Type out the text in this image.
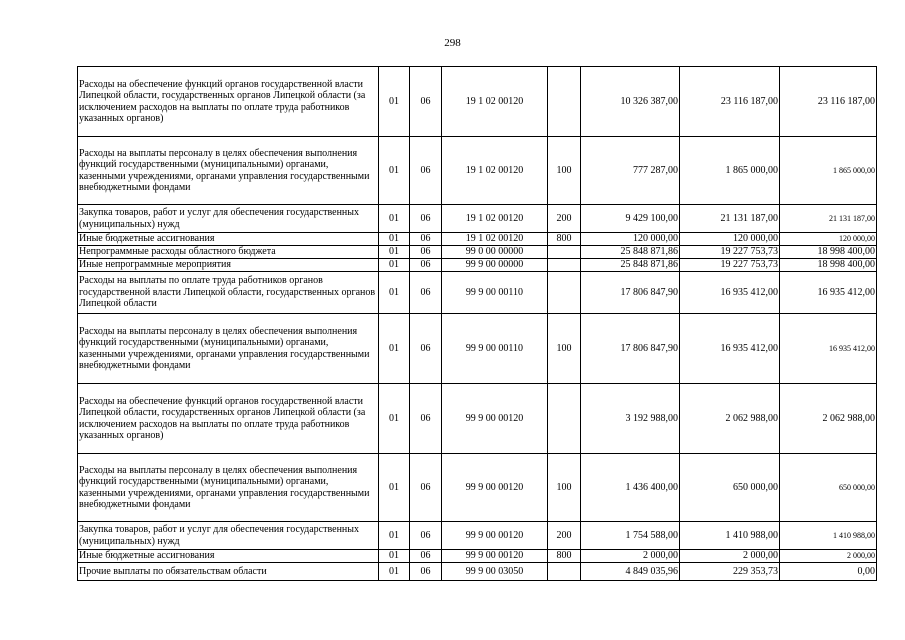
298
Расходы на обеспечение функций органов государственной власти Липецкой области, государственных органов Липецкой области (за исключением расходов на выплаты по оплате труда работников указанных органов)	01	06	19 1 02 00120		10 326 387,00	23 116 187,00	23 116 187,00
Расходы на выплаты персоналу в целях обеспечения выполнения функций государственными (муниципальными) органами, казенными учреждениями, органами управления государственными внебюджетными фондами	01	06	19 1 02 00120	100	777 287,00	1 865 000,00	1 865 000,00
Закупка товаров, работ и услуг для обеспечения государственных (муниципальных) нужд	01	06	19 1 02 00120	200	9 429 100,00	21 131 187,00	21 131 187,00
Иные бюджетные ассигнования	01	06	19 1 02 00120	800	120 000,00	120 000,00	120 000,00
Непрограммные расходы областного бюджета	01	06	99 0 00 00000		25 848 871,86	19 227 753,73	18 998 400,00
Иные непрограммные мероприятия	01	06	99 9 00 00000		25 848 871,86	19 227 753,73	18 998 400,00
Расходы на выплаты по оплате труда работников органов государственной власти Липецкой области, государственных органов Липецкой области	01	06	99 9 00 00110		17 806 847,90	16 935 412,00	16 935 412,00
Расходы на выплаты персоналу в целях обеспечения выполнения функций государственными (муниципальными) органами, казенными учреждениями, органами управления государственными внебюджетными фондами	01	06	99 9 00 00110	100	17 806 847,90	16 935 412,00	16 935 412,00
Расходы на обеспечение функций органов государственной власти Липецкой области, государственных органов Липецкой области (за исключением расходов на выплаты по оплате труда работников указанных органов)	01	06	99 9 00 00120		3 192 988,00	2 062 988,00	2 062 988,00
Расходы на выплаты персоналу в целях обеспечения выполнения функций государственными (муниципальными) органами, казенными учреждениями, органами управления государственными внебюджетными фондами	01	06	99 9 00 00120	100	1 436 400,00	650 000,00	650 000,00
Закупка товаров, работ и услуг для обеспечения государственных (муниципальных) нужд	01	06	99 9 00 00120	200	1 754 588,00	1 410 988,00	1 410 988,00
Иные бюджетные ассигнования	01	06	99 9 00 00120	800	2 000,00	2 000,00	2 000,00
Прочие выплаты по обязательствам области	01	06	99 9 00 03050		4 849 035,96	229 353,73	0,00
